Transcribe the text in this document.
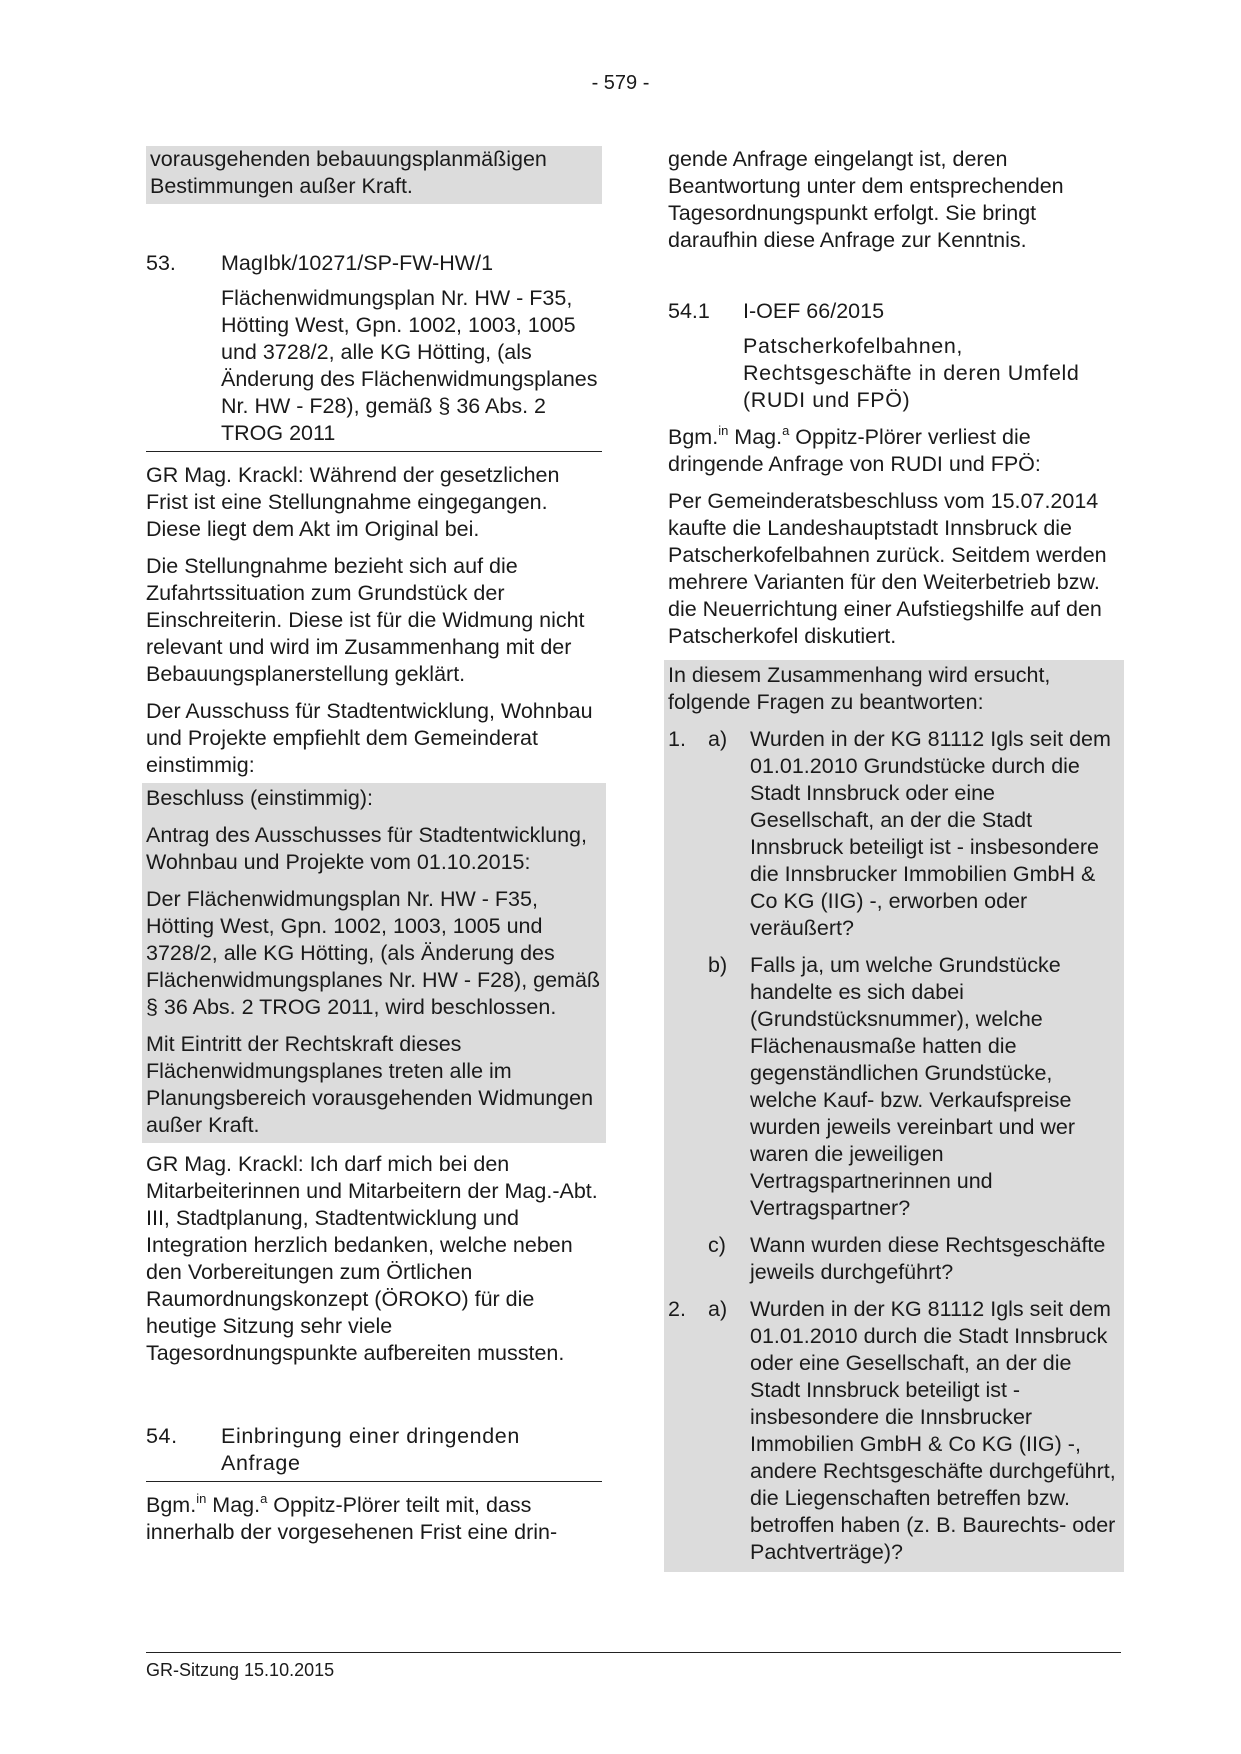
- 579 -

vorausgehenden bebauungsplanmäßigen Bestimmungen außer Kraft.

53.	MagIbk/10271/SP-FW-HW/1
Flächenwidmungsplan Nr. HW - F35, Hötting West, Gpn. 1002, 1003, 1005 und 3728/2, alle KG Hötting, (als Änderung des Flächenwidmungsplanes Nr. HW - F28), gemäß § 36 Abs. 2 TROG 2011

GR Mag. Krackl: Während der gesetzlichen Frist ist eine Stellungnahme eingegangen. Diese liegt dem Akt im Original bei.

Die Stellungnahme bezieht sich auf die Zufahrtssituation zum Grundstück der Einschreiterin. Diese ist für die Widmung nicht relevant und wird im Zusammenhang mit der Bebauungsplanerstellung geklärt.

Der Ausschuss für Stadtentwicklung, Wohnbau und Projekte empfiehlt dem Gemeinderat einstimmig:

Beschluss (einstimmig):

Antrag des Ausschusses für Stadtentwicklung, Wohnbau und Projekte vom 01.10.2015:

Der Flächenwidmungsplan Nr. HW - F35, Hötting West, Gpn. 1002, 1003, 1005 und 3728/2, alle KG Hötting, (als Änderung des Flächenwidmungsplanes Nr. HW - F28), gemäß § 36 Abs. 2 TROG 2011, wird beschlossen.

Mit Eintritt der Rechtskraft dieses Flächenwidmungsplanes treten alle im Planungsbereich vorausgehenden Widmungen außer Kraft.

GR Mag. Krackl: Ich darf mich bei den Mitarbeiterinnen und Mitarbeitern der Mag.-Abt. III, Stadtplanung, Stadtentwicklung und Integration herzlich bedanken, welche neben den Vorbereitungen zum Örtlichen Raumordnungskonzept (ÖROKO) für die heutige Sitzung sehr viele Tagesordnungspunkte aufbereiten mussten.

54.	Einbringung einer dringenden Anfrage

Bgm.$^{in}$ Mag.$^a$ Oppitz-Plörer teilt mit, dass innerhalb der vorgesehenen Frist eine drin-

gende Anfrage eingelangt ist, deren Beantwortung unter dem entsprechenden Tagesordnungspunkt erfolgt. Sie bringt daraufhin diese Anfrage zur Kenntnis.

54.1	I-OEF 66/2015
Patscherkofelbahnen, Rechtsgeschäfte in deren Umfeld (RUDI und FPÖ)

Bgm.$^{in}$ Mag.$^a$ Oppitz-Plörer verliest die dringende Anfrage von RUDI und FPÖ:

Per Gemeinderatsbeschluss vom 15.07.2014 kaufte die Landeshauptstadt Innsbruck die Patscherkofelbahnen zurück. Seitdem werden mehrere Varianten für den Weiterbetrieb bzw. die Neuerrichtung einer Aufstiegshilfe auf den Patscherkofel diskutiert.

In diesem Zusammenhang wird ersucht, folgende Fragen zu beantworten:

1.	a)	Wurden in der KG 81112 Igls seit dem 01.01.2010 Grundstücke durch die Stadt Innsbruck oder eine Gesellschaft, an der die Stadt Innsbruck beteiligt ist - insbesondere die Innsbrucker Immobilien GmbH & Co KG (IIG) -, erworben oder veräußert?
b)	Falls ja, um welche Grundstücke handelte es sich dabei (Grundstücksnummer), welche Flächenausmaße hatten die gegenständlichen Grundstücke, welche Kauf- bzw. Verkaufspreise wurden jeweils vereinbart und wer waren die jeweiligen Vertragspartnerinnen und Vertragspartner?
c)	Wann wurden diese Rechtsgeschäfte jeweils durchgeführt?
2.	a)	Wurden in der KG 81112 Igls seit dem 01.01.2010 durch die Stadt Innsbruck oder eine Gesellschaft, an der die Stadt Innsbruck beteiligt ist - insbesondere die Innsbrucker Immobilien GmbH & Co KG (IIG) -, andere Rechtsgeschäfte durchgeführt, die Liegenschaften betreffen bzw. betroffen haben (z. B. Baurechts- oder Pachtverträge)?
GR-Sitzung 15.10.2015
